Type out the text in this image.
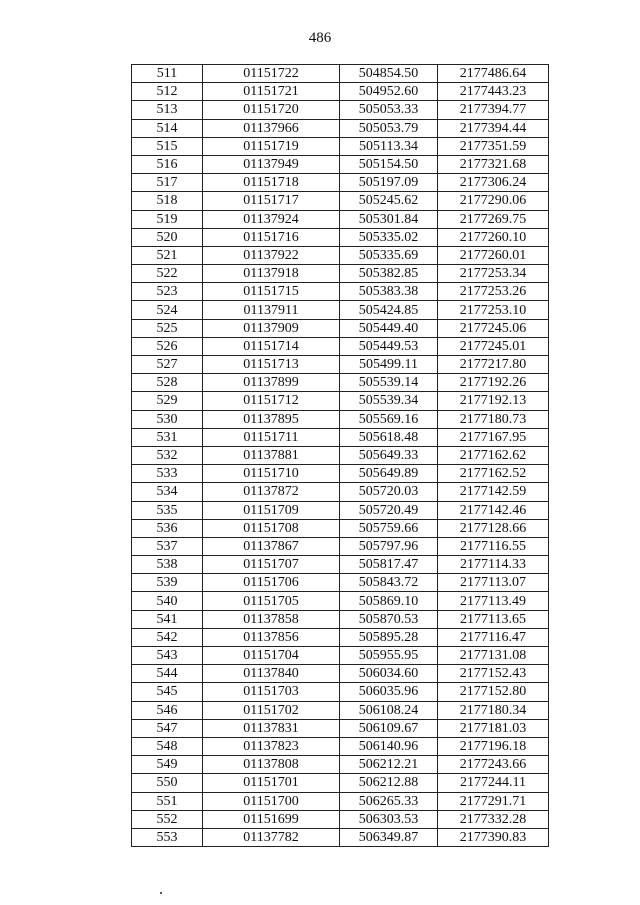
486
511	01151722	504854.50	2177486.64
512	01151721	504952.60	2177443.23
513	01151720	505053.33	2177394.77
514	01137966	505053.79	2177394.44
515	01151719	505113.34	2177351.59
516	01137949	505154.50	2177321.68
517	01151718	505197.09	2177306.24
518	01151717	505245.62	2177290.06
519	01137924	505301.84	2177269.75
520	01151716	505335.02	2177260.10
521	01137922	505335.69	2177260.01
522	01137918	505382.85	2177253.34
523	01151715	505383.38	2177253.26
524	01137911	505424.85	2177253.10
525	01137909	505449.40	2177245.06
526	01151714	505449.53	2177245.01
527	01151713	505499.11	2177217.80
528	01137899	505539.14	2177192.26
529	01151712	505539.34	2177192.13
530	01137895	505569.16	2177180.73
531	01151711	505618.48	2177167.95
532	01137881	505649.33	2177162.62
533	01151710	505649.89	2177162.52
534	01137872	505720.03	2177142.59
535	01151709	505720.49	2177142.46
536	01151708	505759.66	2177128.66
537	01137867	505797.96	2177116.55
538	01151707	505817.47	2177114.33
539	01151706	505843.72	2177113.07
540	01151705	505869.10	2177113.49
541	01137858	505870.53	2177113.65
542	01137856	505895.28	2177116.47
543	01151704	505955.95	2177131.08
544	01137840	506034.60	2177152.43
545	01151703	506035.96	2177152.80
546	01151702	506108.24	2177180.34
547	01137831	506109.67	2177181.03
548	01137823	506140.96	2177196.18
549	01137808	506212.21	2177243.66
550	01151701	506212.88	2177244.11
551	01151700	506265.33	2177291.71
552	01151699	506303.53	2177332.28
553	01137782	506349.87	2177390.83
